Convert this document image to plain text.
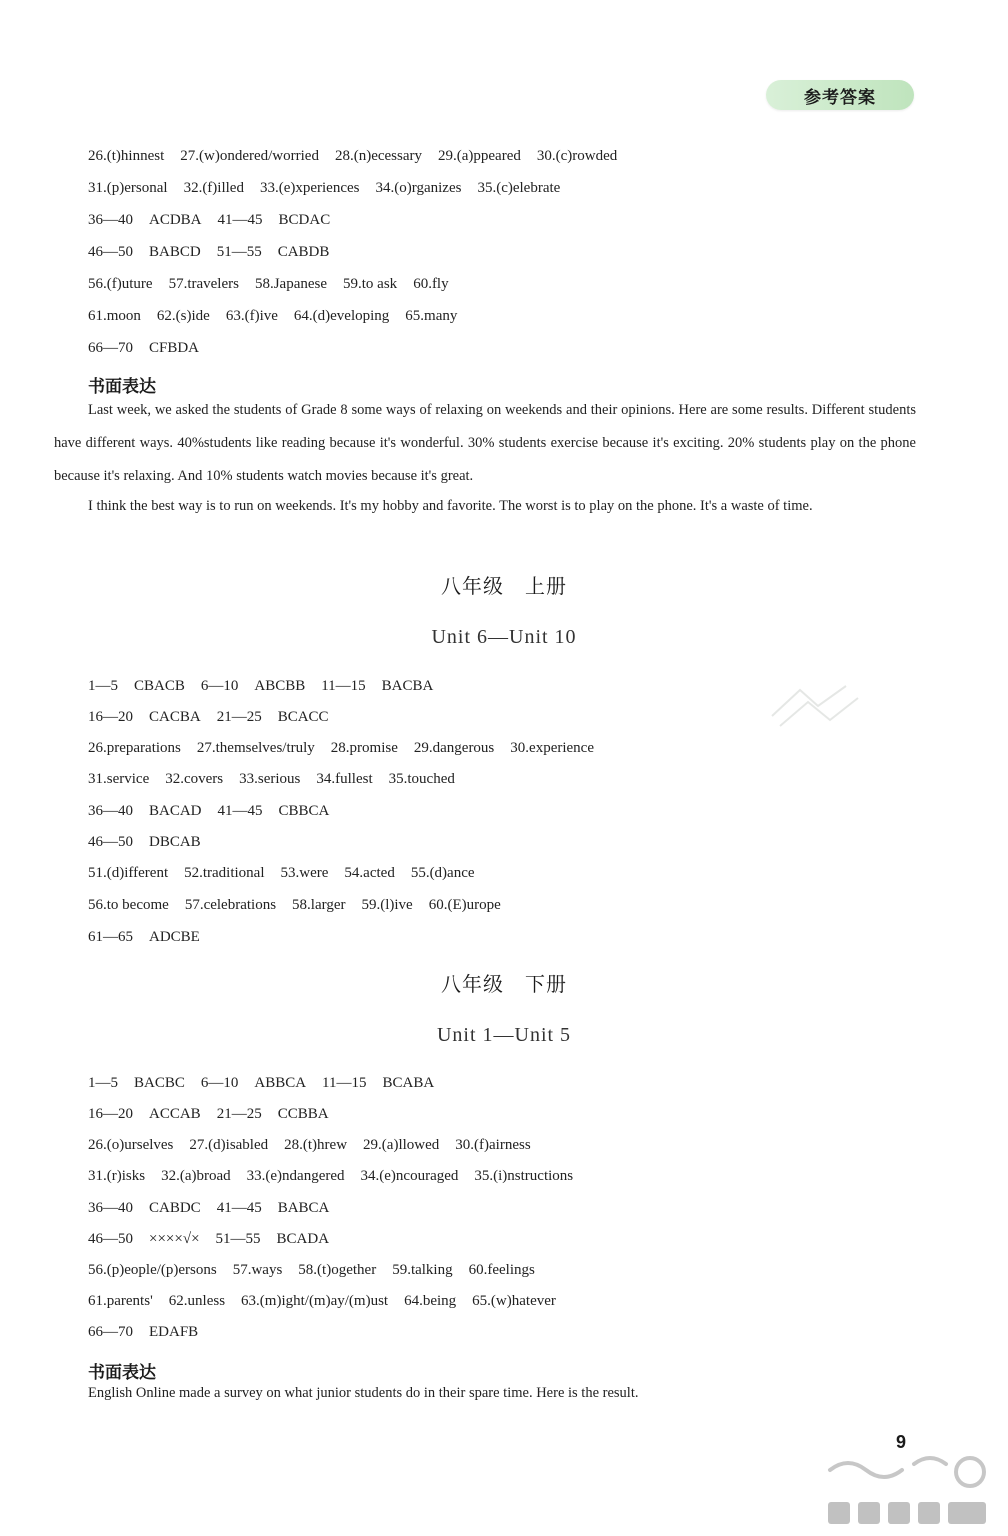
参考答案
26.(t)hinnest 27.(w)ondered/worried 28.(n)ecessary 29.(a)ppeared 30.(c)rowded
31.(p)ersonal 32.(f)illed 33.(e)xperiences 34.(o)rganizes 35.(c)elebrate
36—40 ACDBA 41—45 BCDAC
46—50 BABCD 51—55 CABDB
56.(f)uture 57.travelers 58.Japanese 59.to ask 60.fly
61.moon 62.(s)ide 63.(f)ive 64.(d)eveloping 65.many
66—70 CFBDA
书面表达
Last week, we asked the students of Grade 8 some ways of relaxing on weekends and their opinions. Here are some results. Different students have different ways. 40%students like reading because it's wonderful. 30% students exercise because it's exciting. 20% students play on the phone because it's relaxing. And 10% students watch movies because it's great.
I think the best way is to run on weekends. It's my hobby and favorite. The worst is to play on the phone. It's a waste of time.
八年级　上册
Unit 6—Unit 10
1—5 CBACB 6—10 ABCBB 11—15 BACBA
16—20 CACBA 21—25 BCACC
26.preparations 27.themselves/truly 28.promise 29.dangerous 30.experience
31.service 32.covers 33.serious 34.fullest 35.touched
36—40 BACAD 41—45 CBBCA
46—50 DBCAB
51.(d)ifferent 52.traditional 53.were 54.acted 55.(d)ance
56.to become 57.celebrations 58.larger 59.(l)ive 60.(E)urope
61—65 ADCBE
八年级　下册
Unit 1—Unit 5
1—5 BACBC 6—10 ABBCA 11—15 BCABA
16—20 ACCAB 21—25 CCBBA
26.(o)urselves 27.(d)isabled 28.(t)hrew 29.(a)llowed 30.(f)airness
31.(r)isks 32.(a)broad 33.(e)ndangered 34.(e)ncouraged 35.(i)nstructions
36—40 CABDC 41—45 BABCA
46—50 ××××√× 51—55 BCADA
56.(p)eople/(p)ersons 57.ways 58.(t)ogether 59.talking 60.feelings
61.parents' 62.unless 63.(m)ight/(m)ay/(m)ust 64.being 65.(w)hatever
66—70 EDAFB
书面表达
English Online made a survey on what junior students do in their spare time. Here is the result.
9
